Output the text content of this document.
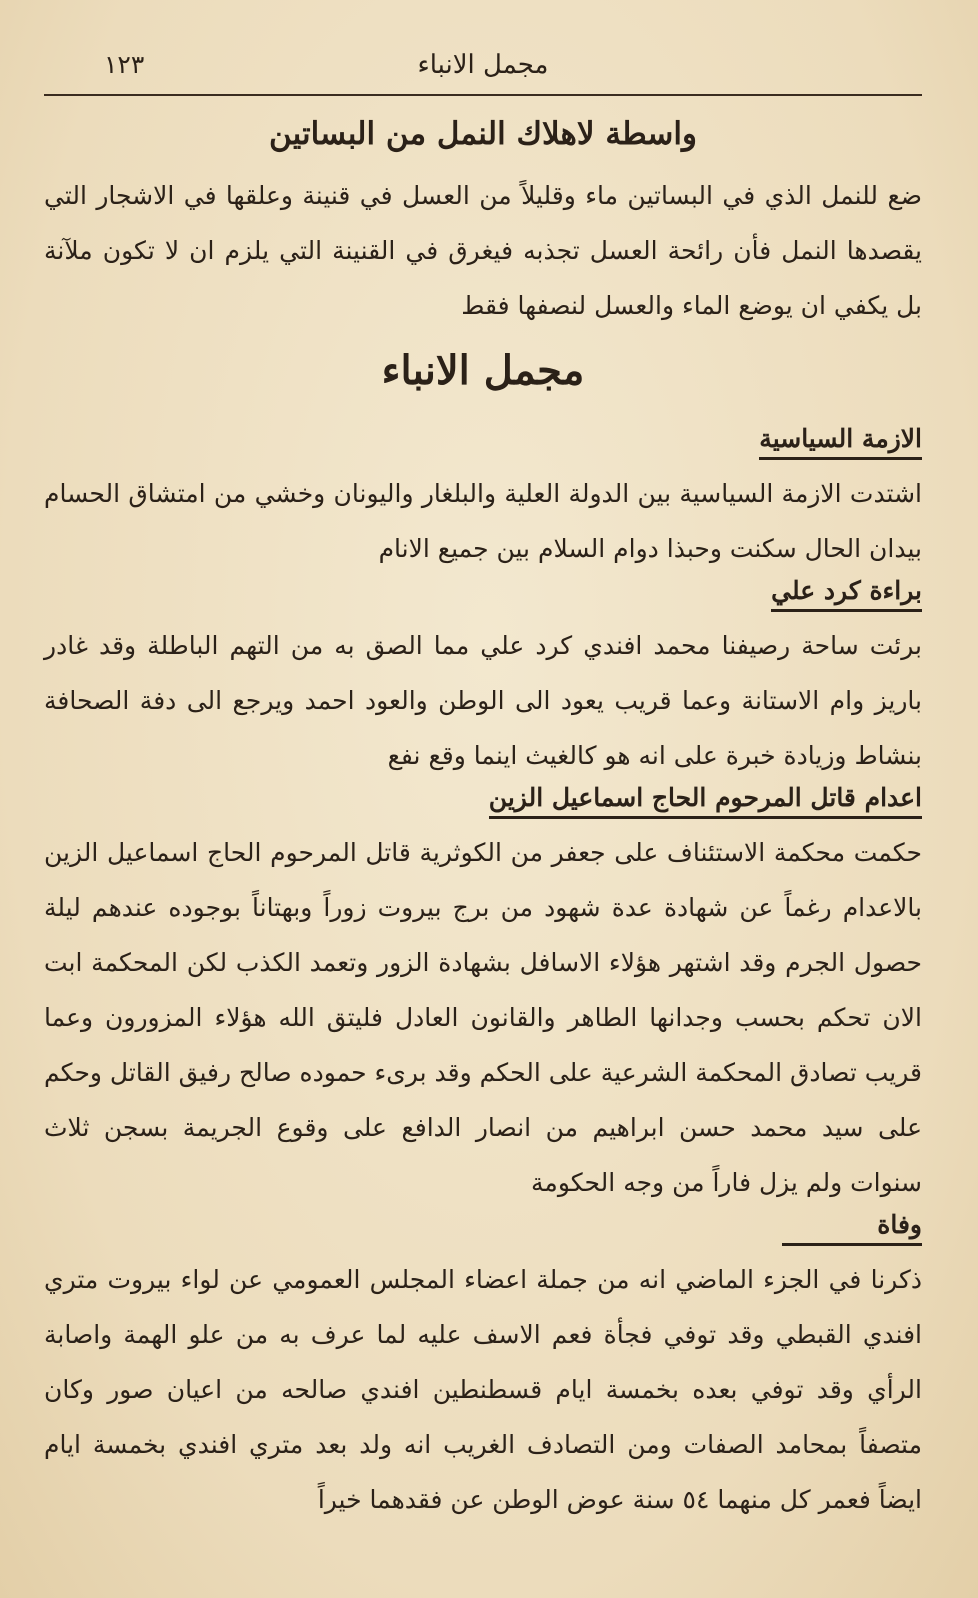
مجمل الانباء
١٢٣
واسطة لاهلاك النمل من البساتين

ضع للنمل الذي في البساتين ماء وقليلاً من العسل في قنينة وعلقها في الاشجار التي يقصدها النمل فأن رائحة العسل تجذبه فيغرق في القنينة التي يلزم ان لا تكون ملآنة بل يكفي ان يوضع الماء والعسل لنصفها فقط

مجمل الانباء
الازمة السياسية

اشتدت الازمة السياسية بين الدولة العلية والبلغار واليونان وخشي من امتشاق الحسام بيدان الحال سكنت وحبذا دوام السلام بين جميع الانام

براءة كرد علي

برئت ساحة رصيفنا محمد افندي كرد علي مما الصق به من التهم الباطلة وقد غادر باريز وام الاستانة وعما قريب يعود الى الوطن والعود احمد ويرجع الى دفة الصحافة بنشاط وزيادة خبرة على انه هو كالغيث اينما وقع نفع

اعدام قاتل المرحوم الحاج اسماعيل الزين

حكمت محكمة الاستئناف على جعفر من الكوثرية قاتل المرحوم الحاج اسماعيل الزين بالاعدام رغماً عن شهادة عدة شهود من برج بيروت زوراً وبهتاناً بوجوده عندهم ليلة حصول الجرم وقد اشتهر هؤلاء الاسافل بشهادة الزور وتعمد الكذب لكن المحكمة ابت الان تحكم بحسب وجدانها الطاهر والقانون العادل فليتق الله هؤلاء المزورون وعما قريب تصادق المحكمة الشرعية على الحكم وقد برىء حموده صالح رفيق القاتل وحكم على سيد محمد حسن ابراهيم من انصار الدافع على وقوع الجريمة بسجن ثلاث سنوات ولم يزل فاراً من وجه الحكومة

وفاة

ذكرنا في الجزء الماضي انه من جملة اعضاء المجلس العمومي عن لواء بيروت متري افندي القبطي وقد توفي فجأة فعم الاسف عليه لما عرف به من علو الهمة واصابة الرأي وقد توفي بعده بخمسة ايام قسطنطين افندي صالحه من اعيان صور وكان متصفاً بمحامد الصفات ومن التصادف الغريب انه ولد بعد متري افندي بخمسة ايام ايضاً فعمر كل منهما ٥٤ سنة عوض الوطن عن فقدهما خيراً
